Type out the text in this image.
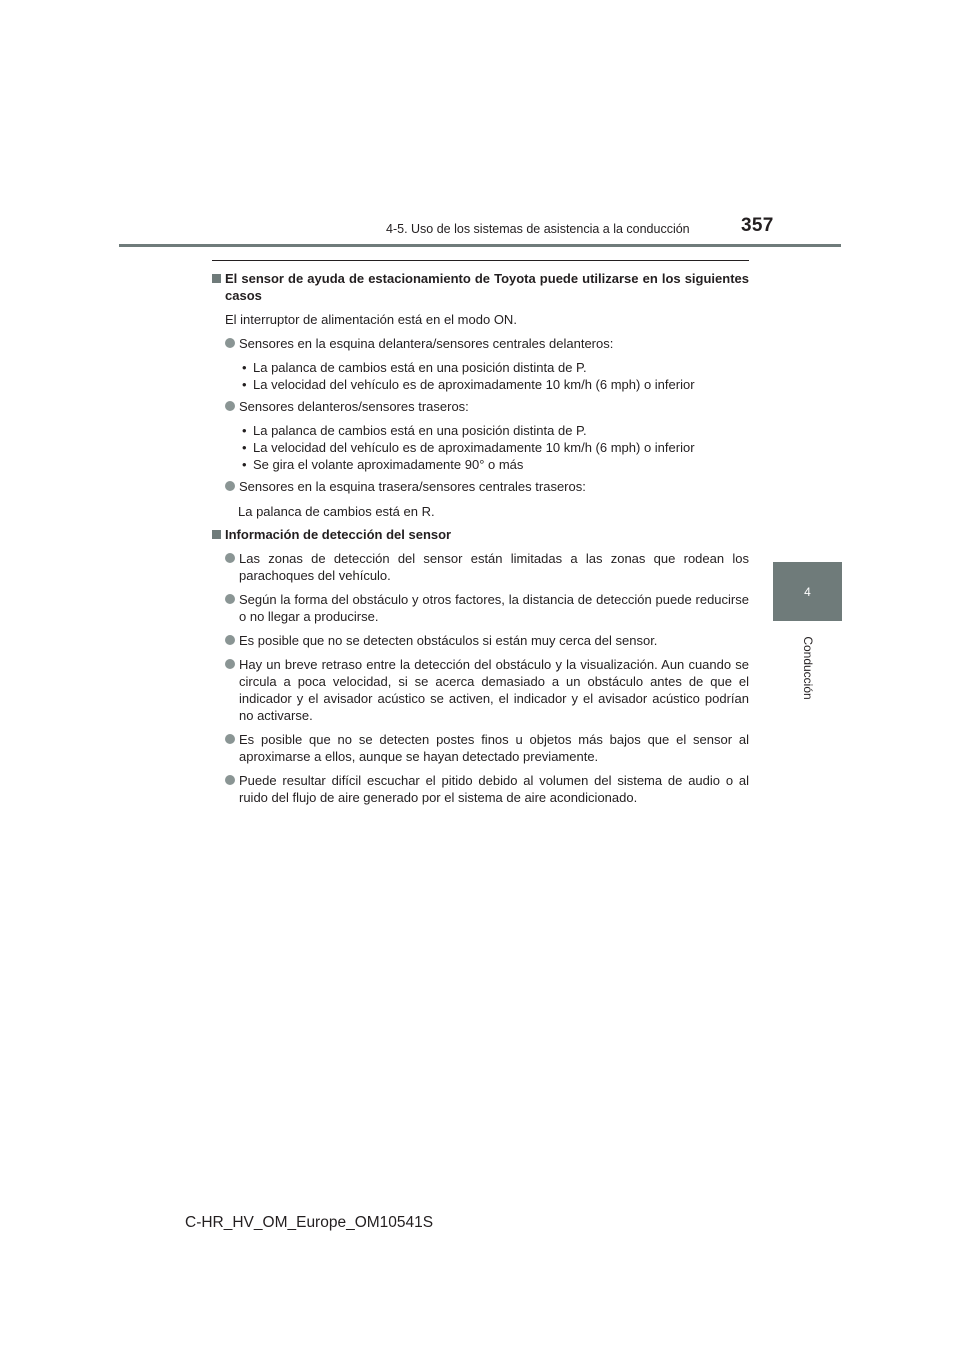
4-5. Uso de los sistemas de asistencia a la conducción	357
4
Conducción
El sensor de ayuda de estacionamiento de Toyota puede utilizarse en los siguientes casos
El interruptor de alimentación está en el modo ON.
Sensores en la esquina delantera/sensores centrales delanteros:
• La palanca de cambios está en una posición distinta de P.
• La velocidad del vehículo es de aproximadamente 10 km/h (6 mph) o inferior
Sensores delanteros/sensores traseros:
• La palanca de cambios está en una posición distinta de P.
• La velocidad del vehículo es de aproximadamente 10 km/h (6 mph) o inferior
• Se gira el volante aproximadamente 90° o más
Sensores en la esquina trasera/sensores centrales traseros:
La palanca de cambios está en R.
Información de detección del sensor
Las zonas de detección del sensor están limitadas a las zonas que rodean los parachoques del vehículo.
Según la forma del obstáculo y otros factores, la distancia de detección puede reducirse o no llegar a producirse.
Es posible que no se detecten obstáculos si están muy cerca del sensor.
Hay un breve retraso entre la detección del obstáculo y la visualización. Aun cuando se circula a poca velocidad, si se acerca demasiado a un obstáculo antes de que el indicador y el avisador acústico se activen, el indicador y el avisador acústico podrían no activarse.
Es posible que no se detecten postes finos u objetos más bajos que el sensor al aproximarse a ellos, aunque se hayan detectado previamente.
Puede resultar difícil escuchar el pitido debido al volumen del sistema de audio o al ruido del flujo de aire generado por el sistema de aire acondicionado.
C-HR_HV_OM_Europe_OM10541S
